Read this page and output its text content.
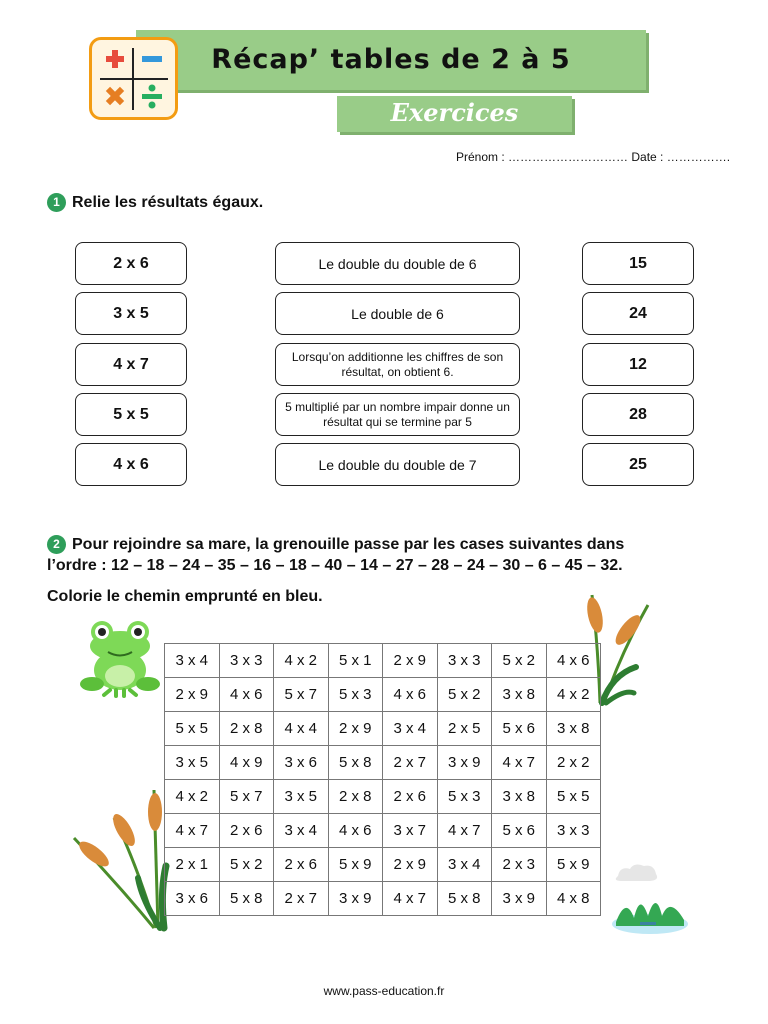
Récap’ tables de 2 à 5
Exercices
Prénom : ………………………… Date : …………….
1 Relie les résultats égaux.
2 x 6
3 x 5
4 x 7
5 x 5
4 x 6
Le double du double de 6
Le double de 6
Lorsqu’on additionne les chiffres de son résultat, on obtient 6.
5 multiplié par un nombre impair donne un résultat qui se termine par 5
Le double du double de 7
15
24
12
28
25
2 Pour rejoindre sa mare, la grenouille passe par les cases suivantes dans
l’ordre : 12 – 18 – 24 – 35 – 16 – 18 – 40 – 14 – 27 – 28 – 24 – 30 – 6 – 45 – 32.
Colorie le chemin emprunté en bleu.
3 x 4	3 x 3	4 x 2	5 x 1	2 x 9	3 x 3	5 x 2	4 x 6
2 x 9	4 x 6	5 x 7	5 x 3	4 x 6	5 x 2	3 x 8	4 x 2
5 x 5	2 x 8	4 x 4	2 x 9	3 x 4	2 x 5	5 x 6	3 x 8
3 x 5	4 x 9	3 x 6	5 x 8	2 x 7	3 x 9	4 x 7	2 x 2
4 x 2	5 x 7	3 x 5	2 x 8	2 x 6	5 x 3	3 x 8	5 x 5
4 x 7	2 x 6	3 x 4	4 x 6	3 x 7	4 x 7	5 x 6	3 x 3
2 x 1	5 x 2	2 x 6	5 x 9	2 x 9	3 x 4	2 x 3	5 x 9
3 x 6	5 x 8	2 x 7	3 x 9	4 x 7	5 x 8	3 x 9	4 x 8
www.pass-education.fr
